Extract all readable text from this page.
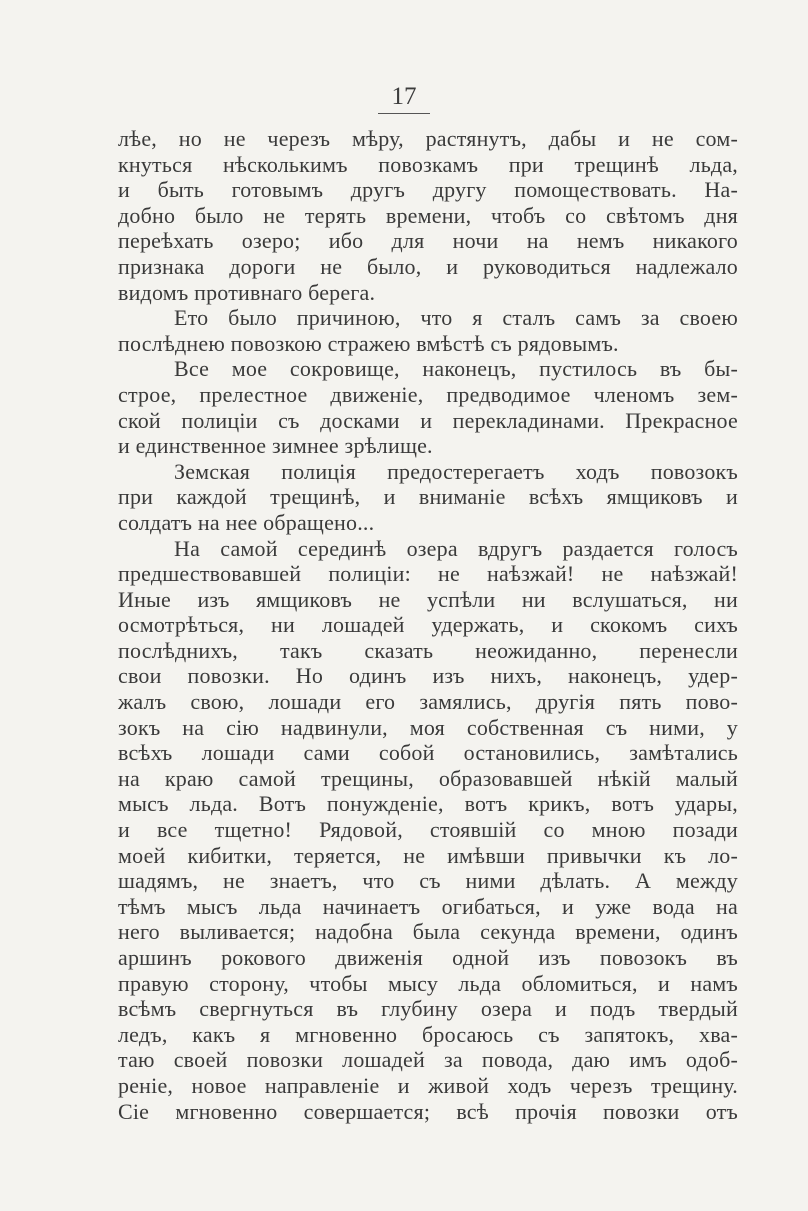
17
лѣе, но не черезъ мѣру, растянутъ, дабы и не сом-
кнуться нѣсколькимъ повозкамъ при трещинѣ льда,
и быть готовымъ другъ другу помоществовать. На-
добно было не терять времени, чтобъ со свѣтомъ дня
переѣхать озеро; ибо для ночи на немъ никакого
признака дороги не было, и руководиться надлежало
видомъ противнаго берега.
Ето было причиною, что я сталъ самъ за своею
послѣднею повозкою стражею вмѣстѣ съ рядовымъ.
Все мое сокровище, наконецъ, пустилось въ бы-
строе, прелестное движеніе, предводимое членомъ зем-
ской полиціи съ досками и перекладинами. Прекрасное
и единственное зимнее зрѣлище.
Земская полиція предостерегаетъ ходъ повозокъ
при каждой трещинѣ, и вниманіе всѣхъ ямщиковъ и
солдатъ на нее обращено...
На самой серединѣ озера вдругъ раздается голосъ
предшествовавшей полиціи: не наѣзжай! не наѣзжай!
Иные изъ ямщиковъ не успѣли ни вслушаться, ни
осмотрѣться, ни лошадей удержать, и скокомъ сихъ
послѣднихъ, такъ сказать неожиданно, перенесли
свои повозки. Но одинъ изъ нихъ, наконецъ, удер-
жалъ свою, лошади его замялись, другія пять пово-
зокъ на сію надвинули, моя собственная съ ними, у
всѣхъ лошади сами собой остановились, замѣтались
на краю самой трещины, образовавшей нѣкій малый
мысъ льда. Вотъ понужденіе, вотъ крикъ, вотъ удары,
и все тщетно! Рядовой, стоявшій со мною позади
моей кибитки, теряется, не имѣвши привычки къ ло-
шадямъ, не знаетъ, что съ ними дѣлать. А между
тѣмъ мысъ льда начинаетъ огибаться, и уже вода на
него выливается; надобна была секунда времени, одинъ
аршинъ рокового движенія одной изъ повозокъ въ
правую сторону, чтобы мысу льда обломиться, и намъ
всѣмъ свергнуться въ глубину озера и подъ твердый
ледъ, какъ я мгновенно бросаюсь съ запятокъ, хва-
таю своей повозки лошадей за повода, даю имъ одоб-
реніе, новое направленіе и живой ходъ черезъ трещину.
Сіе мгновенно совершается; всѣ прочія повозки отъ
